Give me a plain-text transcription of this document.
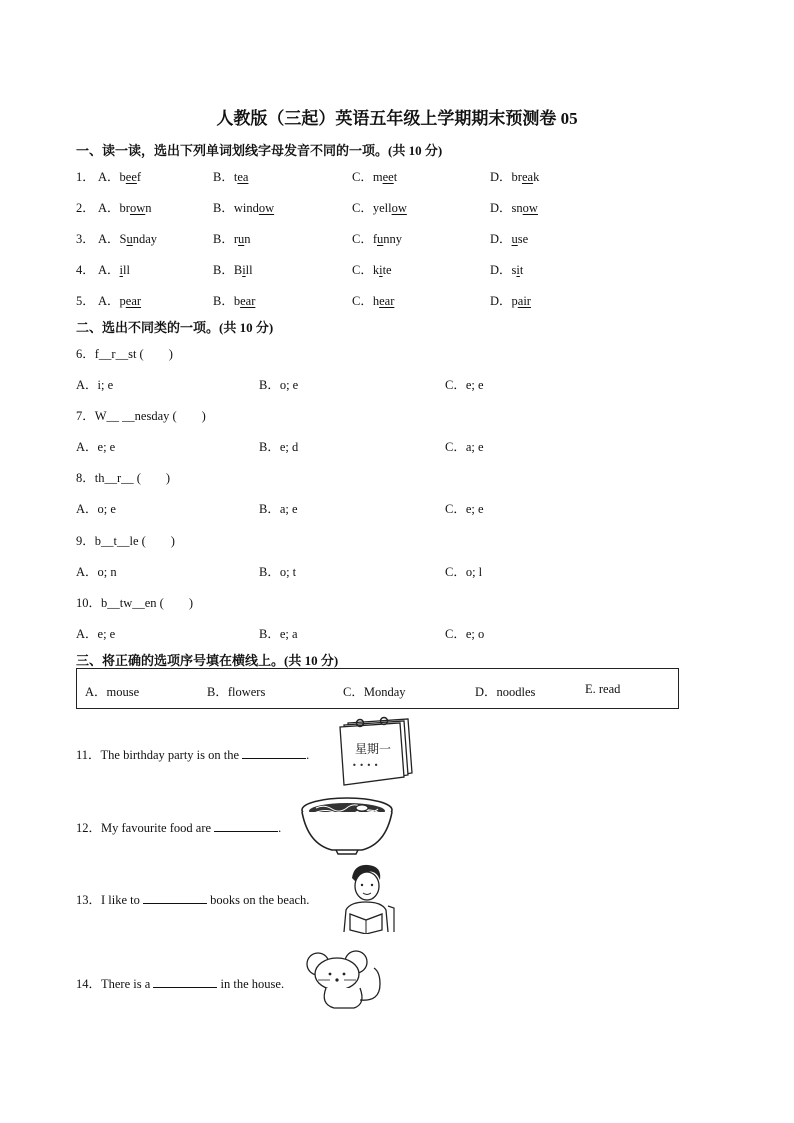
人教版（三起）英语五年级上学期期末预测卷 05
一、读一读，选出下列单词划线字母发音不同的一项。(共 10 分)
1． A．beef	B．tea	C．meet	D．break
2． A．brown	B．window	C．yellow	D．snow
3． A．Sunday	B．run	C．funny	D．use
4． A．ill	B．Bill	C．kite	D．sit
5． A．pear	B．bear	C．hear	D．pair
二、选出不同类的一项。(共 10 分)
6．f__r__st (　　)
A．i; e	B．o; e	C．e; e
7．W__ __nesday (　　)
A．e; e	B．e; d	C．a; e
8．th__r__ (　　)
A．o; e	B．a; e	C．e; e
9．b__t__le (　　)
A．o; n	B．o; t	C．o; l
10．b__tw__en (　　)
A．e; e	B．e; a	C．e; o
三、将正确的选项序号填在横线上。(共 10 分)
A．mouse	B．flowers	C．Monday	D．noodles	E. read
11．The birthday party is on the	.
12．My favourite food are	.
13．I like to	books on the beach.
14．There is a	in the house.
• • • •
星期一
